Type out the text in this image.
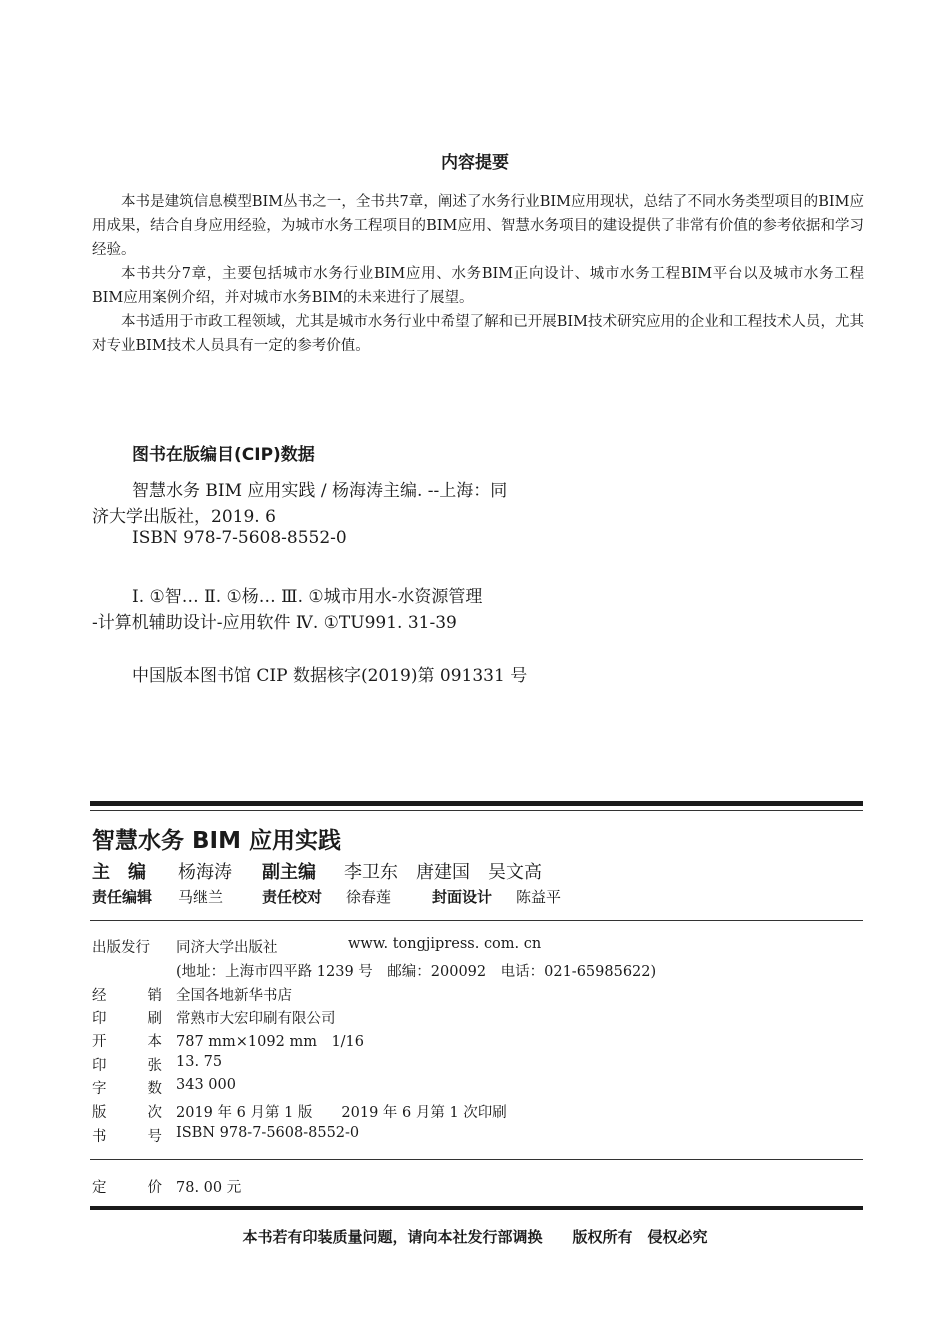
内容提要
本书是建筑信息模型BIM丛书之一，全书共7章，阐述了水务行业BIM应用现状，总结了不同水务类型项目的BIM应用成果，结合自身应用经验，为城市水务工程项目的BIM应用、智慧水务项目的建设提供了非常有价值的参考依据和学习经验。
本书共分7章，主要包括城市水务行业BIM应用、水务BIM正向设计、城市水务工程BIM平台以及城市水务工程BIM应用案例介绍，并对城市水务BIM的未来进行了展望。
本书适用于市政工程领域，尤其是城市水务行业中希望了解和已开展BIM技术研究应用的企业和工程技术人员，尤其对专业BIM技术人员具有一定的参考价值。
图书在版编目(CIP)数据
智慧水务 BIM 应用实践 / 杨海涛主编. --上海：同
济大学出版社，2019. 6
ISBN 978-7-5608-8552-0
Ⅰ. ①智… Ⅱ. ①杨… Ⅲ. ①城市用水-水资源管理
-计算机辅助设计-应用软件 Ⅳ. ①TU991. 31-39
中国版本图书馆 CIP 数据核字(2019)第 091331 号
智慧水务 BIM 应用实践
主　编 杨海涛 副主编 李卫东　唐建国　吴文高
责任编辑 马继兰	责任校对 徐春莲	封面设计 陈益平
出版发行	同济大学出版社	www. tongjipress. com. cn
(地址：上海市四平路 1239 号　邮编：200092　电话：021-65985622)
经	销 全国各地新华书店
印	刷 常熟市大宏印刷有限公司
开	本 787 mm×1092 mm　1/16
印	张 13. 75
字	数 343 000
版	次 2019 年 6 月第 1 版　　2019 年 6 月第 1 次印刷
书	号 ISBN 978-7-5608-8552-0
定	价 78. 00 元
本书若有印装质量问题，请向本社发行部调换　　版权所有　侵权必究
